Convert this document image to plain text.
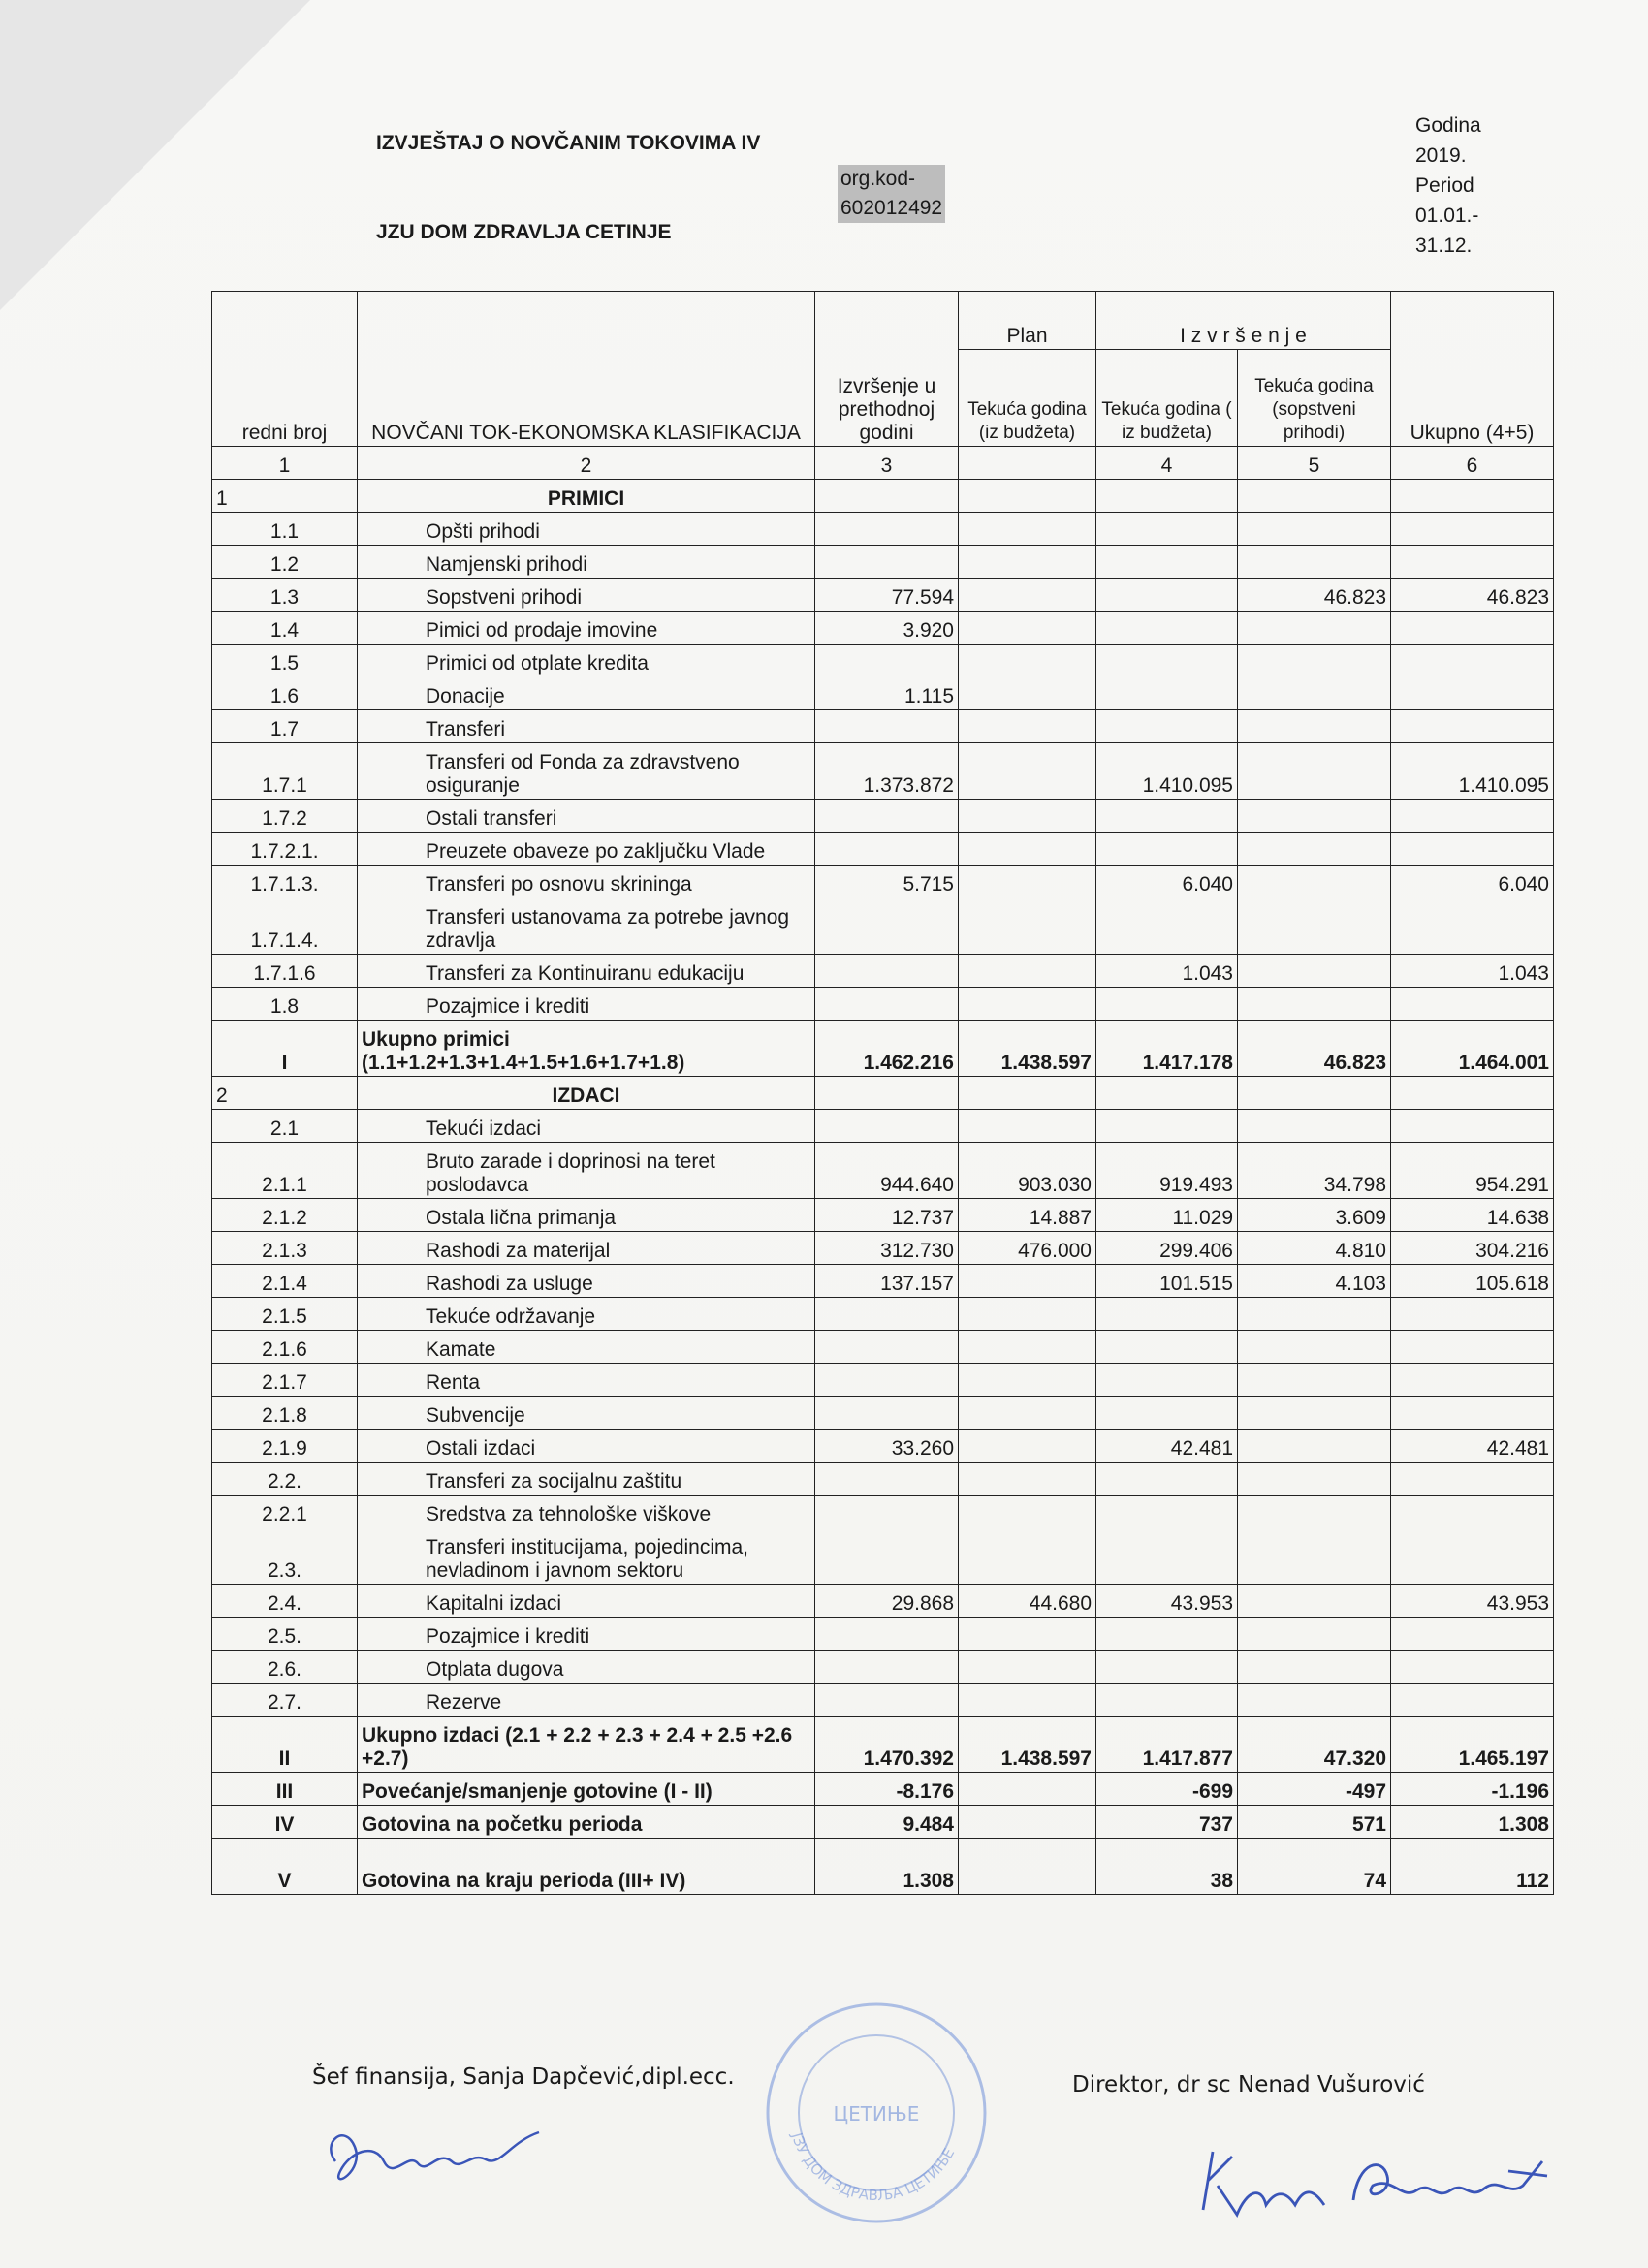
IZVJEŠTAJ O NOVČANIM TOKOVIMA IV
JZU DOM ZDRAVLJA CETINJE
org.kod-
602012492
Godina
2019.
Period
01.01.-
31.12.
redni broj	NOVČANI TOK-EKONOMSKA KLASIFIKACIJA	Izvršenje u prethodnoj godini	Plan	I z v r š e n j e		Ukupno (4+5)
			Tekuća godina (iz budžeta)	Tekuća godina ( iz budžeta)	Tekuća godina (sopstveni prihodi)	
1	2	3		4	5	6
1	PRIMICI					
1.1	Opšti prihodi					
1.2	Namjenski prihodi					
1.3	Sopstveni prihodi	77.594			46.823	46.823
1.4	Pimici od prodaje imovine	3.920				
1.5	Primici od otplate kredita					
1.6	Donacije	1.115				
1.7	Transferi					
1.7.1	Transferi od Fonda za zdravstveno osiguranje	1.373.872		1.410.095		1.410.095
1.7.2	Ostali transferi					
1.7.2.1.	Preuzete obaveze po zaključku Vlade					
1.7.1.3.	Transferi po osnovu skrininga	5.715		6.040		6.040
1.7.1.4.	Transferi ustanovama za potrebe javnog zdravlja					
1.7.1.6	Transferi za Kontinuiranu edukaciju			1.043		1.043
1.8	Pozajmice i krediti					
I	Ukupno primici (1.1+1.2+1.3+1.4+1.5+1.6+1.7+1.8)	1.462.216	1.438.597	1.417.178	46.823	1.464.001
2	IZDACI					
2.1	Tekući izdaci					
2.1.1	Bruto zarade i doprinosi na teret poslodavca	944.640	903.030	919.493	34.798	954.291
2.1.2	Ostala lična primanja	12.737	14.887	11.029	3.609	14.638
2.1.3	Rashodi za materijal	312.730	476.000	299.406	4.810	304.216
2.1.4	Rashodi za usluge	137.157		101.515	4.103	105.618
2.1.5	Tekuće održavanje					
2.1.6	Kamate					
2.1.7	Renta					
2.1.8	Subvencije					
2.1.9	Ostali izdaci	33.260		42.481		42.481
2.2.	Transferi za socijalnu zaštitu					
2.2.1	Sredstva za tehnološke viškove					
2.3.	Transferi institucijama, pojedincima, nevladinom i javnom sektoru					
2.4.	Kapitalni izdaci	29.868	44.680	43.953		43.953
2.5.	Pozajmice i krediti					
2.6.	Otplata dugova					
2.7.	Rezerve					
II	Ukupno izdaci (2.1 + 2.2 + 2.3 + 2.4 + 2.5 +2.6 +2.7)	1.470.392	1.438.597	1.417.877	47.320	1.465.197
III	Povećanje/smanjenje gotovine (I - II)	-8.176		-699	-497	-1.196
IV	Gotovina na početku perioda	9.484		737	571	1.308
V	Gotovina na kraju perioda (III+ IV)	1.308		38	74	112
ЦЕТИЊЕ
ЈЗУ ДОМ ЗДРАВЉА ЦЕТИЊЕ
Šef finansija, Sanja Dapčević,dipl.ecc.	Direktor, dr sc Nenad Vušurović
